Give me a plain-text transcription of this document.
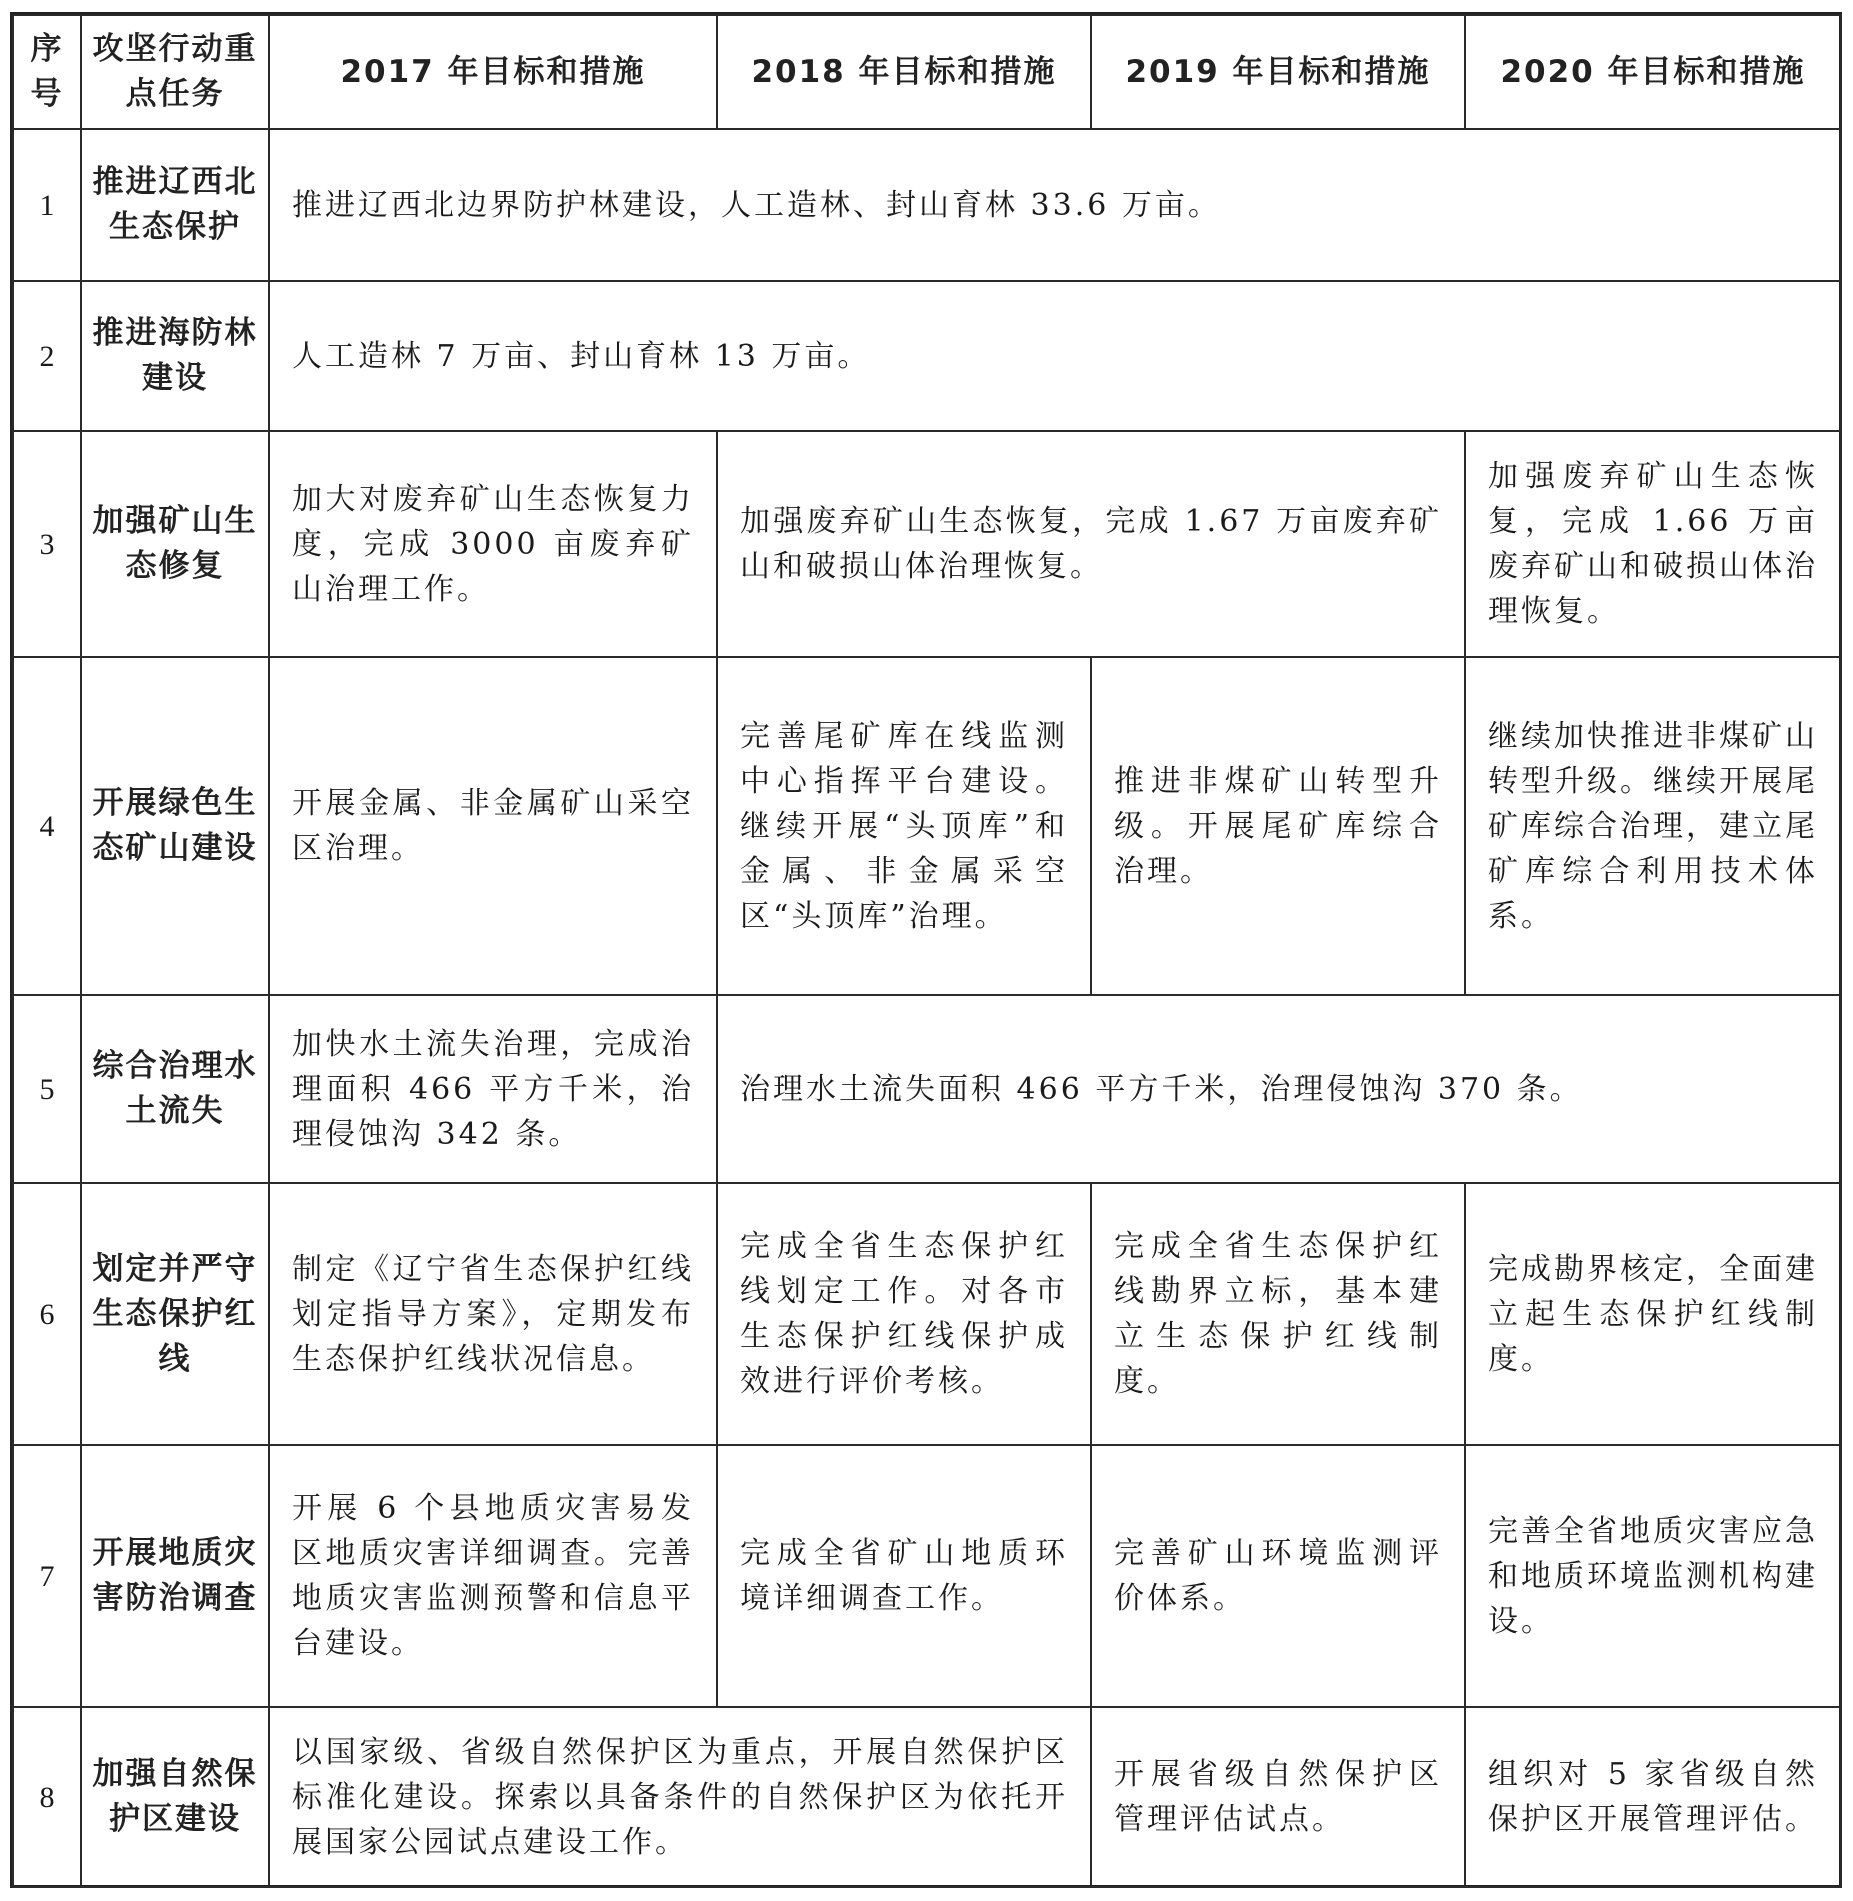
序号	攻坚行动重点任务	2017 年目标和措施	2018 年目标和措施	2019 年目标和措施	2020 年目标和措施
1	推进辽西北生态保护	推进辽西北边界防护林建设，人工造林、封山育林 33.6 万亩。			
2	推进海防林建设	人工造林 7 万亩、封山育林 13 万亩。			
3	加强矿山生态修复	加大对废弃矿山生态恢复力度，完成 3000 亩废弃矿山治理工作。	加强废弃矿山生态恢复，完成 1.67 万亩废弃矿山和破损山体治理恢复。		加强废弃矿山生态恢复，完成 1.66 万亩废弃矿山和破损山体治理恢复。
4	开展绿色生态矿山建设	开展金属、非金属矿山采空区治理。	完善尾矿库在线监测中心指挥平台建设。继续开展“头顶库”和金属、非金属采空区“头顶库”治理。	推进非煤矿山转型升级。开展尾矿库综合治理。	继续加快推进非煤矿山转型升级。继续开展尾矿库综合治理，建立尾矿库综合利用技术体系。
5	综合治理水土流失	加快水土流失治理，完成治理面积 466 平方千米，治理侵蚀沟 342 条。	治理水土流失面积 466 平方千米，治理侵蚀沟 370 条。		
6	划定并严守生态保护红线	制定《辽宁省生态保护红线划定指导方案》，定期发布生态保护红线状况信息。	完成全省生态保护红线划定工作。对各市生态保护红线保护成效进行评价考核。	完成全省生态保护红线勘界立标，基本建立生态保护红线制度。	完成勘界核定，全面建立起生态保护红线制度。
7	开展地质灾害防治调查	开展 6 个县地质灾害易发区地质灾害详细调查。完善地质灾害监测预警和信息平台建设。	完成全省矿山地质环境详细调查工作。	完善矿山环境监测评价体系。	完善全省地质灾害应急和地质环境监测机构建设。
8	加强自然保护区建设	以国家级、省级自然保护区为重点，开展自然保护区标准化建设。探索以具备条件的自然保护区为依托开展国家公园试点建设工作。		开展省级自然保护区管理评估试点。	组织对 5 家省级自然保护区开展管理评估。
